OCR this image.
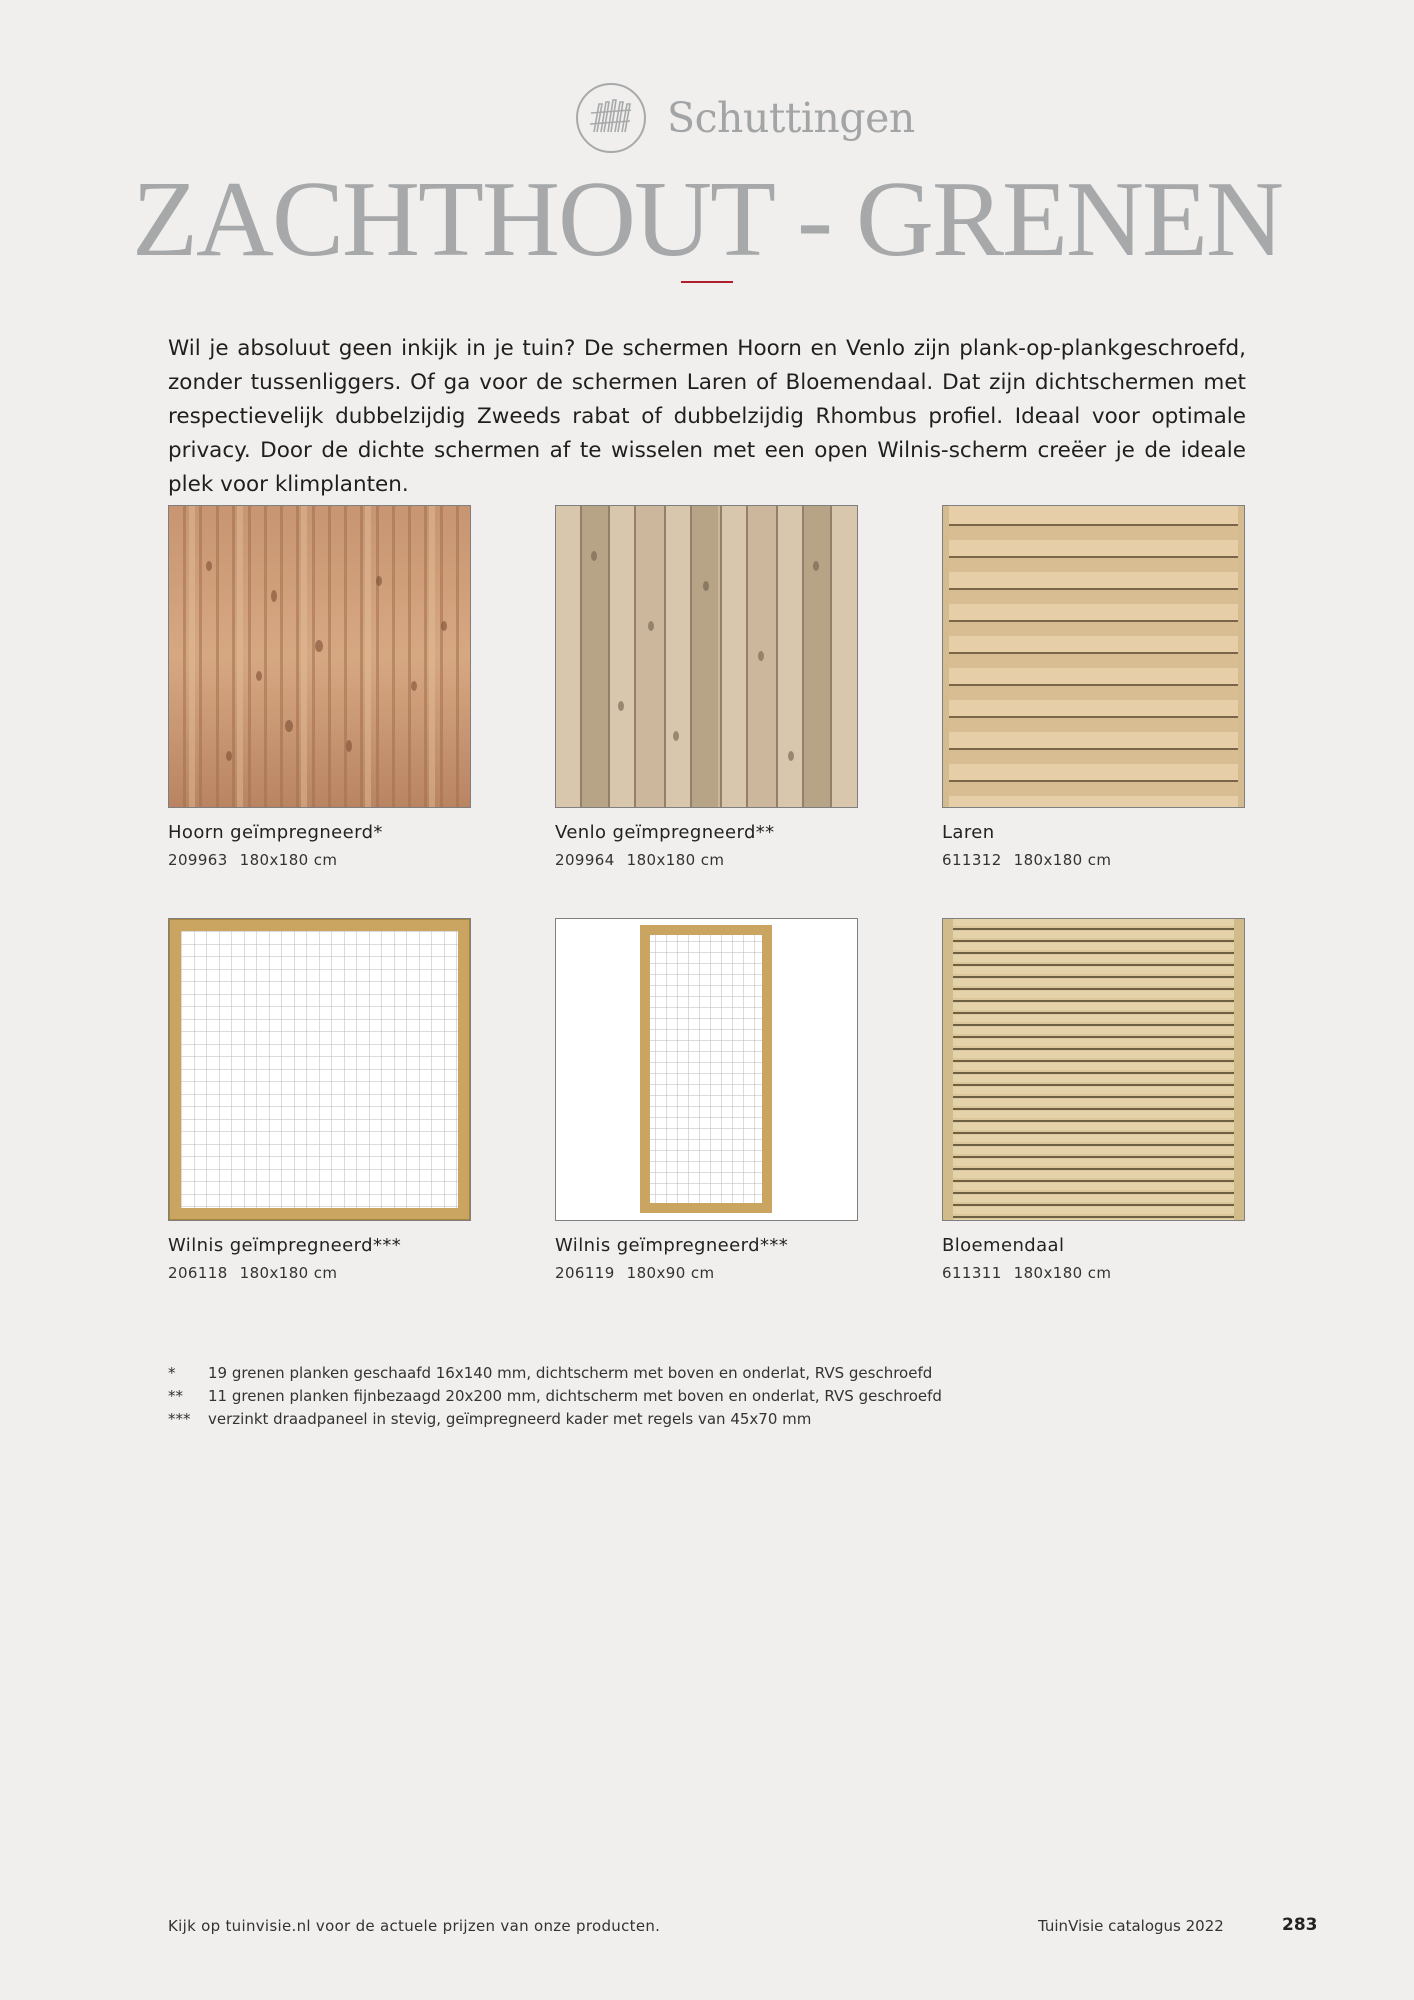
Schuttingen
ZACHTHOUT - GRENEN

Wil je absoluut geen inkijk in je tuin? De schermen Hoorn en Venlo zijn plank-op-plankgeschroefd, zonder tussenliggers. Of ga voor de schermen Laren of Bloemendaal. Dat zijn dichtschermen met respectievelijk dubbelzijdig Zweeds rabat of dubbelzijdig Rhombus profiel. Ideaal voor optimale privacy. Door de dichte schermen af te wisselen met een open Wilnis-scherm creëer je de ideale plek voor klimplanten.

Hoorn geïmpregneerd*
209963 180x180 cm
Venlo geïmpregneerd**
209964 180x180 cm
Laren
611312 180x180 cm
Wilnis geïmpregneerd***
206118 180x180 cm
Wilnis geïmpregneerd***
206119 180x90 cm
Bloemendaal
611311 180x180 cm
*	19 grenen planken geschaafd 16x140 mm, dichtscherm met boven en onderlat, RVS geschroefd
**	11 grenen planken fijnbezaagd 20x200 mm, dichtscherm met boven en onderlat, RVS geschroefd
***	verzinkt draadpaneel in stevig, geïmpregneerd kader met regels van 45x70 mm
Kijk op tuinvisie.nl voor de actuele prijzen van onze producten.	TuinVisie catalogus 2022	283
